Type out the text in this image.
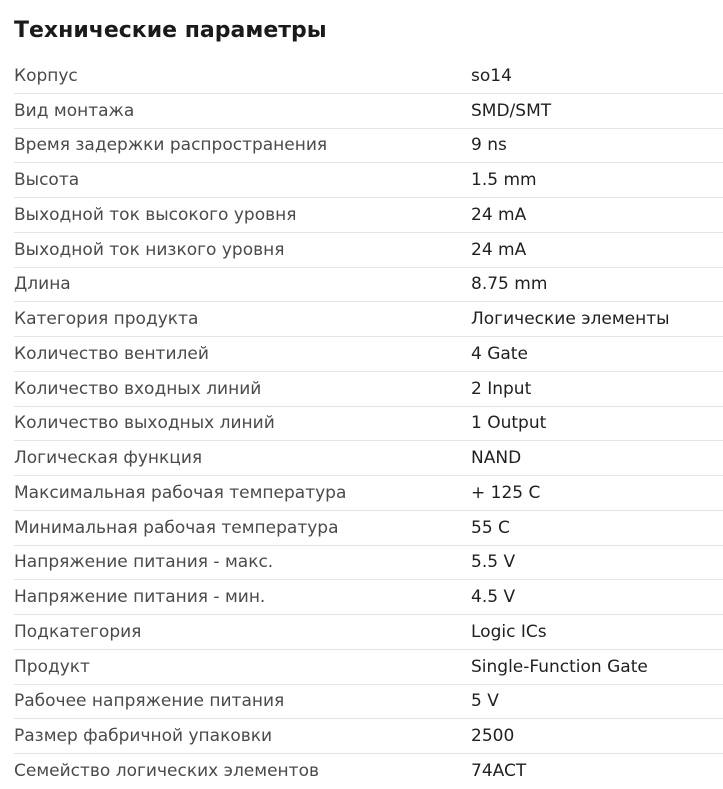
Технические параметры
Корпус	so14
Вид монтажа	SMD/SMT
Время задержки распространения	9 ns
Высота	1.5 mm
Выходной ток высокого уровня	24 mA
Выходной ток низкого уровня	24 mA
Длина	8.75 mm
Категория продукта	Логические элементы
Количество вентилей	4 Gate
Количество входных линий	2 Input
Количество выходных линий	1 Output
Логическая функция	NAND
Максимальная рабочая температура	+ 125 C
Минимальная рабочая температура	55 C
Напряжение питания - макс.	5.5 V
Напряжение питания - мин.	4.5 V
Подкатегория	Logic ICs
Продукт	Single-Function Gate
Рабочее напряжение питания	5 V
Размер фабричной упаковки	2500
Семейство логических элементов	74ACT
